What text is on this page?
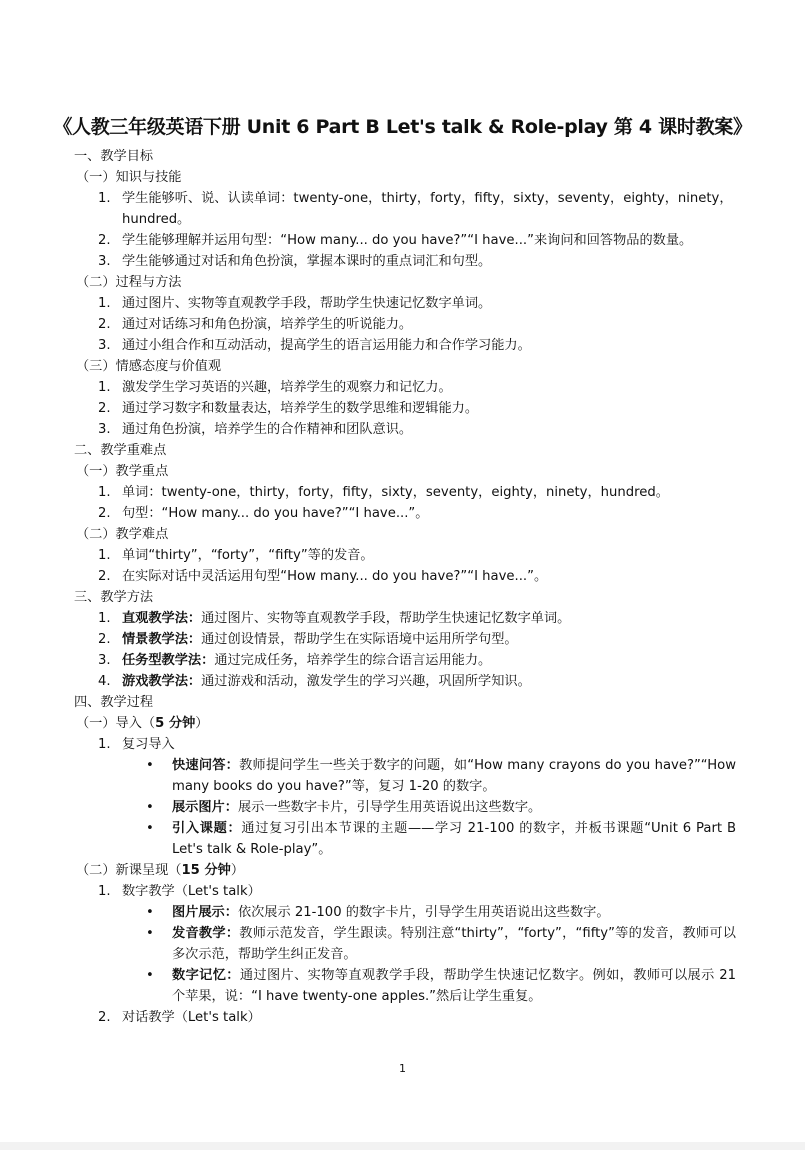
《人教三年级英语下册 Unit 6 Part B Let's talk & Role-play 第 4 课时教案》
一、教学目标
（一）知识与技能
1. 学生能够听、说、认读单词：twenty-one，thirty，forty，fifty，sixty，seventy，eighty，ninety，hundred。
2. 学生能够理解并运用句型：“How many... do you have?”“I have...”来询问和回答物品的数量。
3. 学生能够通过对话和角色扮演，掌握本课时的重点词汇和句型。
（二）过程与方法
1. 通过图片、实物等直观教学手段，帮助学生快速记忆数字单词。
2. 通过对话练习和角色扮演，培养学生的听说能力。
3. 通过小组合作和互动活动，提高学生的语言运用能力和合作学习能力。
（三）情感态度与价值观
1. 激发学生学习英语的兴趣，培养学生的观察力和记忆力。
2. 通过学习数字和数量表达，培养学生的数学思维和逻辑能力。
3. 通过角色扮演，培养学生的合作精神和团队意识。
二、教学重难点
（一）教学重点
1. 单词：twenty-one，thirty，forty，fifty，sixty，seventy，eighty，ninety，hundred。
2. 句型：“How many... do you have?”“I have...”。
（二）教学难点
1. 单词“thirty”，“forty”，“fifty”等的发音。
2. 在实际对话中灵活运用句型“How many... do you have?”“I have...”。
三、教学方法
1. 直观教学法：通过图片、实物等直观教学手段，帮助学生快速记忆数字单词。
2. 情景教学法：通过创设情景，帮助学生在实际语境中运用所学句型。
3. 任务型教学法：通过完成任务，培养学生的综合语言运用能力。
4. 游戏教学法：通过游戏和活动，激发学生的学习兴趣，巩固所学知识。
四、教学过程
（一）导入（5 分钟）
1. 复习导入
• 快速问答：教师提问学生一些关于数字的问题，如“How many crayons do you have?”“How many books do you have?”等，复习 1-20 的数字。
• 展示图片：展示一些数字卡片，引导学生用英语说出这些数字。
• 引入课题：通过复习引出本节课的主题——学习 21-100 的数字，并板书课题“Unit 6 Part B Let's talk & Role-play”。
（二）新课呈现（15 分钟）
1. 数字教学（Let's talk）
• 图片展示：依次展示 21-100 的数字卡片，引导学生用英语说出这些数字。
• 发音教学：教师示范发音，学生跟读。特别注意“thirty”，“forty”，“fifty”等的发音，教师可以多次示范，帮助学生纠正发音。
• 数字记忆：通过图片、实物等直观教学手段，帮助学生快速记忆数字。例如，教师可以展示 21 个苹果，说：“I have twenty-one apples.”然后让学生重复。
2. 对话教学（Let's talk）
1
